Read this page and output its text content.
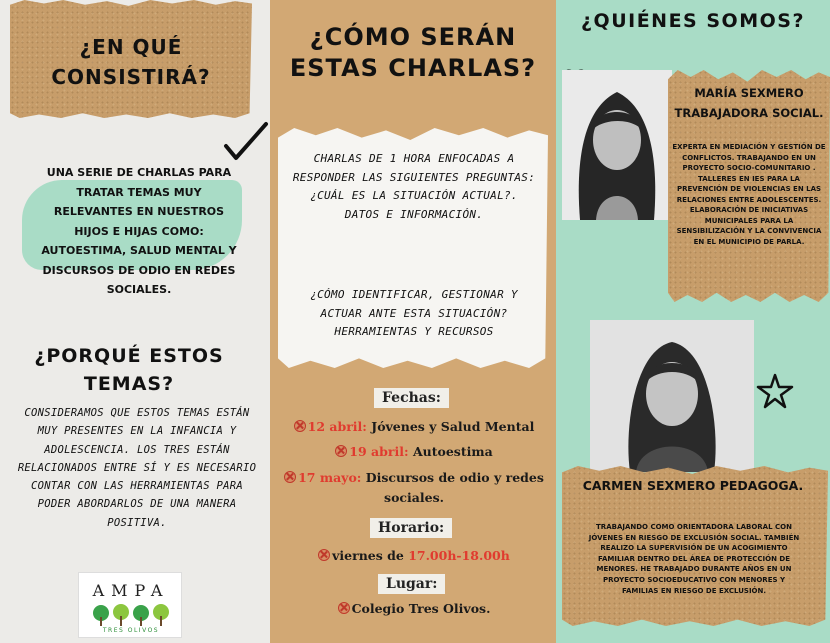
¿EN QUÉ CONSISTIRÁ?
UNA SERIE DE CHARLAS PARA TRATAR TEMAS MUY RELEVANTES EN NUESTROS HIJOS E HIJAS COMO: AUTOESTIMA, SALUD MENTAL Y DISCURSOS DE ODIO EN REDES SOCIALES.
¿PORQUÉ ESTOS TEMAS?
CONSIDERAMOS QUE ESTOS TEMAS ESTÁN MUY PRESENTES EN LA INFANCIA Y ADOLESCENCIA. LOS TRES ESTÁN RELACIONADOS ENTRE SÍ Y ES NECESARIO CONTAR CON LAS HERRAMIENTAS PARA PODER ABORDARLOS DE UNA MANERA POSITIVA.
AMPA
TRES OLIVOS
¿CÓMO SERÁN ESTAS CHARLAS?
CHARLAS DE 1 HORA ENFOCADAS A RESPONDER LAS SIGUIENTES PREGUNTAS: ¿CUÁL ES LA SITUACIÓN ACTUAL?. DATOS E INFORMACIÓN.
¿CÓMO IDENTIFICAR, GESTIONAR Y ACTUAR ANTE ESTA SITUACIÓN? HERRAMIENTAS Y RECURSOS
Fechas:
12 abril: Jóvenes y Salud Mental
19 abril: Autoestima
17 mayo: Discursos de odio y redes sociales.
Horario:
viernes de 17.00h-18.00h
Lugar:
Colegio Tres Olivos.
¿QUIÉNES SOMOS?
MARÍA SEXMERO TRABAJADORA SOCIAL.
EXPERTA EN MEDIACIÓN Y GESTIÓN DE CONFLICTOS. TRABAJANDO EN UN PROYECTO SOCIO-COMUNITARIO . TALLERES EN IES PARA LA PREVENCIÓN DE VIOLENCIAS EN LAS RELACIONES ENTRE ADOLESCENTES. ELABORACIÓN DE INICIATIVAS MUNICIPALES PARA LA SENSIBILIZACIÓN Y LA CONVIVENCIA EN EL MUNICIPIO DE PARLA.
CARMEN SEXMERO PEDAGOGA.
TRABAJANDO COMO ORIENTADORA LABORAL CON JÓVENES EN RIESGO DE EXCLUSIÓN SOCIAL. TAMBIÉN REALIZO LA SUPERVISIÓN DE UN ACOGIMIENTO FAMILIAR DENTRO DEL ÁREA DE PROTECCIÓN DE MENORES. HE TRABAJADO DURANTE AÑOS EN UN PROYECTO SOCIOEDUCATIVO CON MENORES Y FAMILIAS EN RIESGO DE EXCLUSIÓN.
